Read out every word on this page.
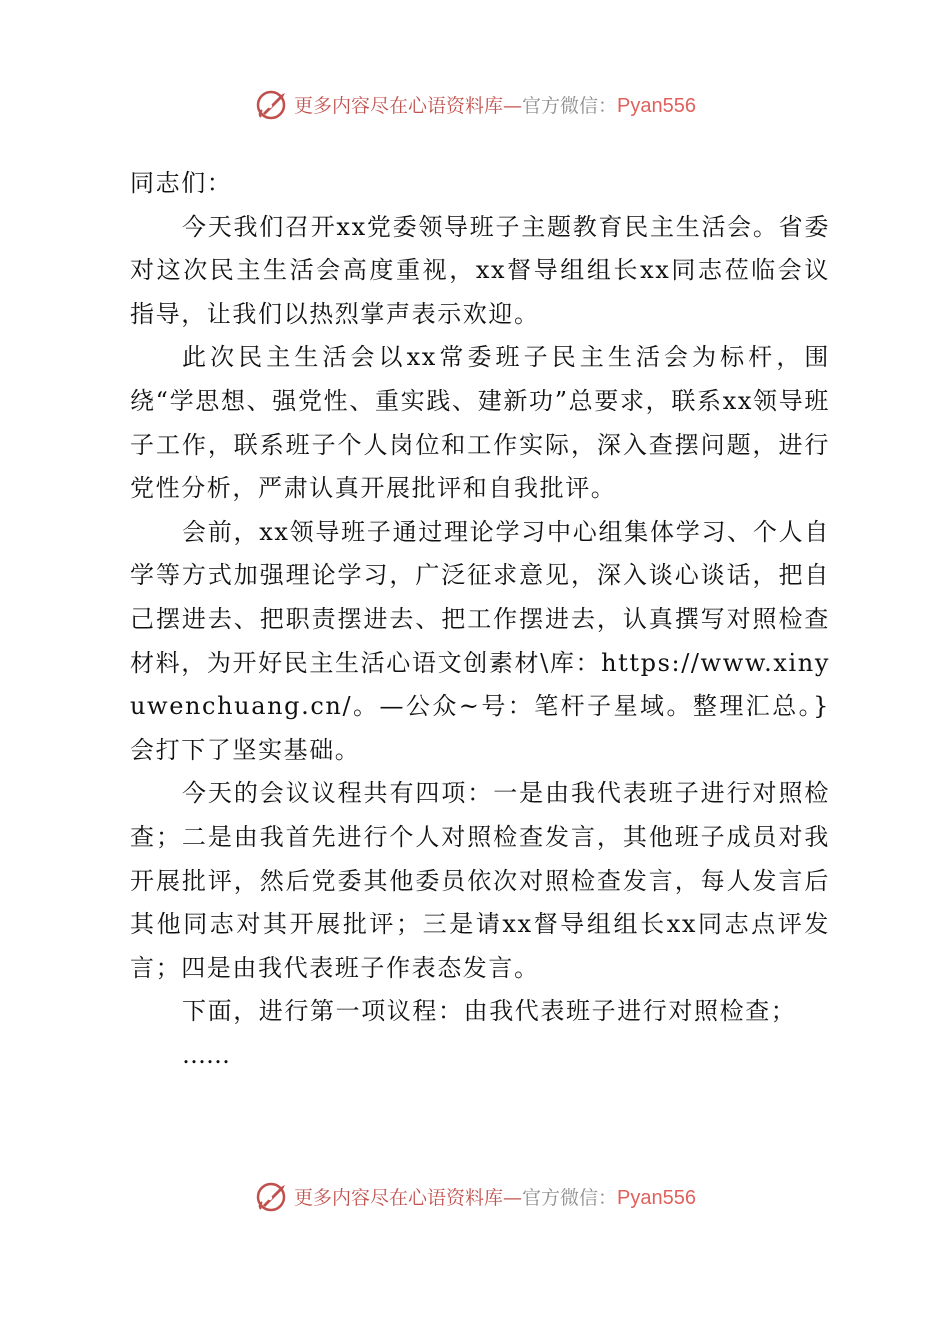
更多内容尽在心语资料库—官方微信：Pyan556

同志们：

今天我们召开xx党委领导班子主题教育民主生活会。省委对这次民主生活会高度重视，xx督导组组长xx同志莅临会议指导，让我们以热烈掌声表示欢迎。

此次民主生活会以xx常委班子民主生活会为标杆，围绕“学思想、强党性、重实践、建新功”总要求，联系xx领导班子工作，联系班子个人岗位和工作实际，深入查摆问题，进行党性分析，严肃认真开展批评和自我批评。

会前，xx领导班子通过理论学习中心组集体学习、个人自学等方式加强理论学习，广泛征求意见，深入谈心谈话，把自己摆进去、把职责摆进去、把工作摆进去，认真撰写对照检查材料，为开好民主生活心语文创素材\库：https://www.xinyuwenchuang.cn/。—公众~号：笔杆子星域。整理汇总。}会打下了坚实基础。

今天的会议议程共有四项：一是由我代表班子进行对照检查；二是由我首先进行个人对照检查发言，其他班子成员对我开展批评，然后党委其他委员依次对照检查发言，每人发言后其他同志对其开展批评；三是请xx督导组组长xx同志点评发言；四是由我代表班子作表态发言。

下面，进行第一项议程：由我代表班子进行对照检查；

……

更多内容尽在心语资料库—官方微信：Pyan556
